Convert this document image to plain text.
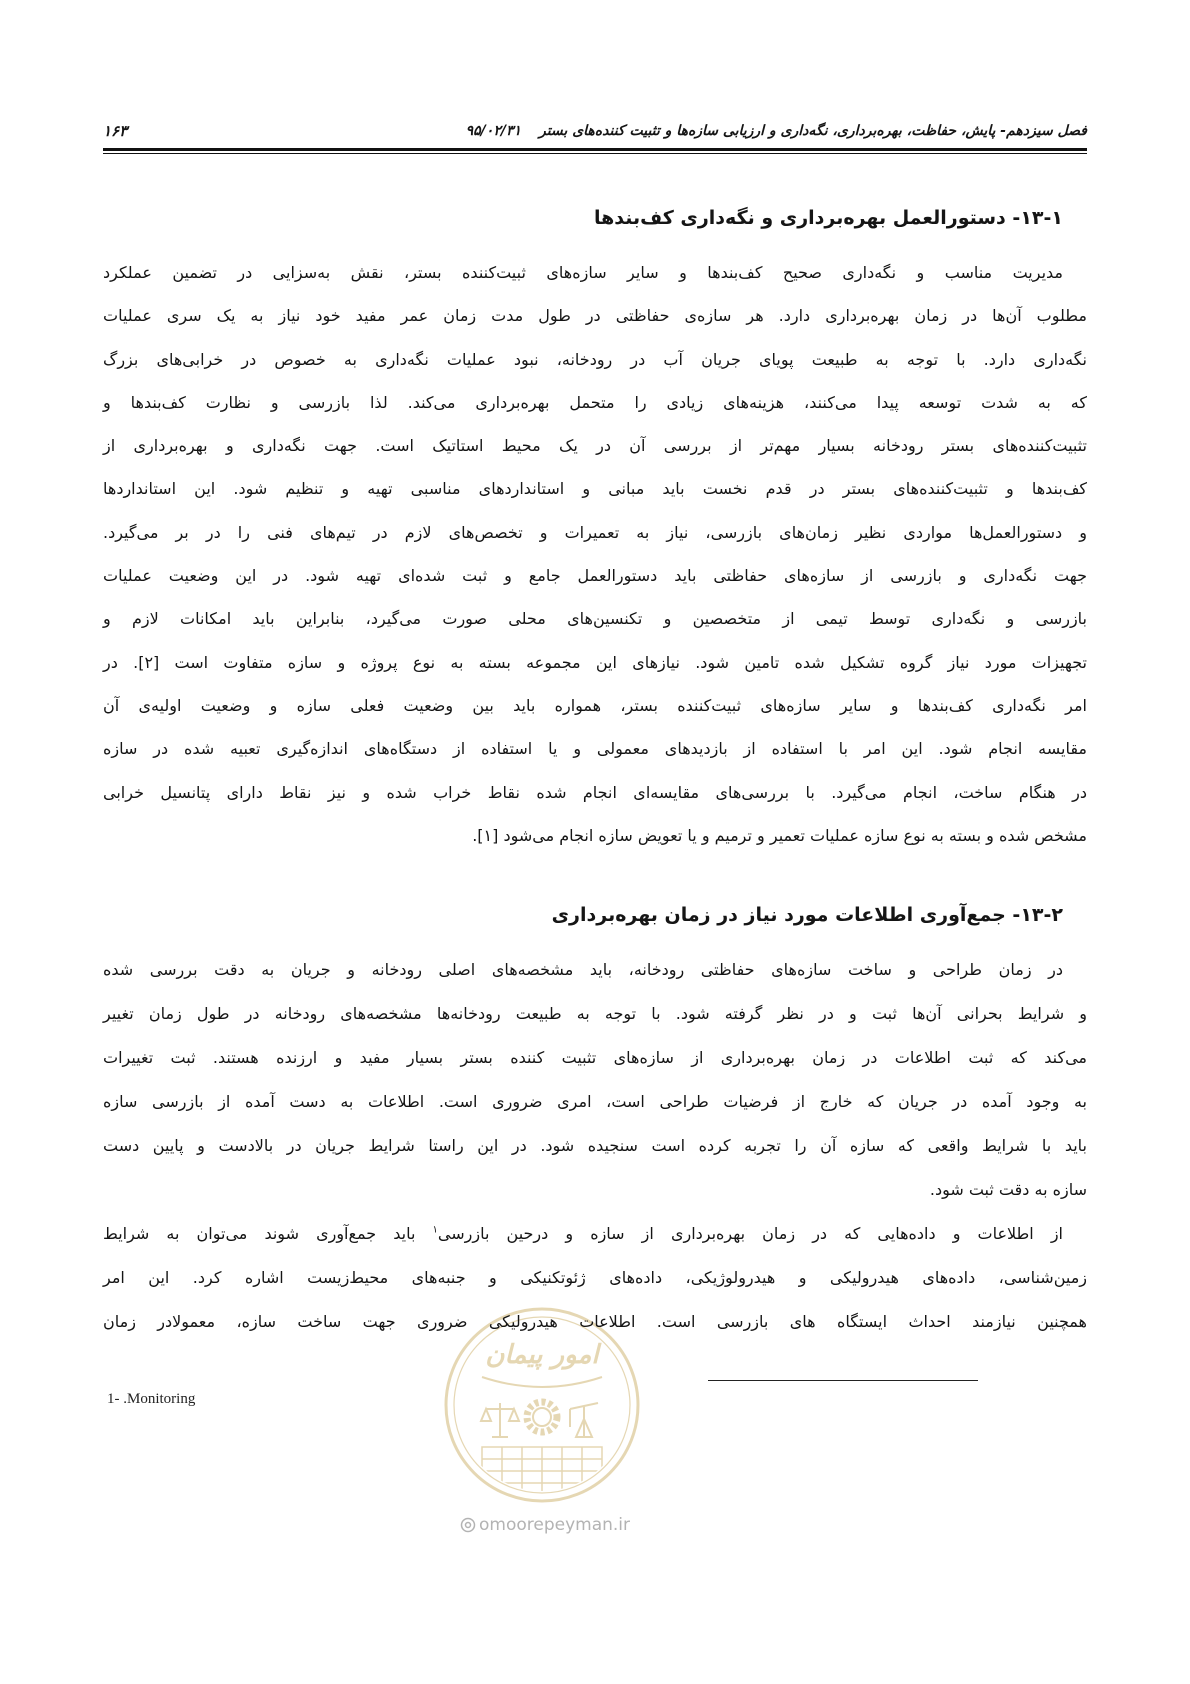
امور پیمان
omoorepeyman.ir
فصل سیزدهم- پایش، حفاظت، بهره‌برداری، نگه‌داری و ارزیابی سازه‌ها و تثبیت کننده‌های بستر
۹۵/۰۲/۳۱
۱۶۳
۱۳-۱- دستورالعمل بهره‌برداری و نگه‌داری کف‌بندها
مدیریت مناسب و نگه‌داری صحیح کف‌بندها و سایر سازه‌های ثبیت‌کننده بستر، نقش به‌سزایی در تضمین عملکرد
مطلوب آن‌ها در زمان بهره‌برداری دارد. هر سازه‌ی حفاظتی در طول مدت زمان عمر مفید خود نیاز به یک سری عملیات
نگه‌داری دارد. با توجه به طبیعت پویای جریان آب در رودخانه، نبود عملیات نگه‌داری به خصوص در خرابی‌های بزرگ
که به شدت توسعه پیدا می‌کنند، هزینه‌های زیادی را متحمل بهره‌برداری می‌کند. لذا بازرسی و نظارت کف‌بندها و
تثبیت‌کننده‌های بستر رودخانه بسیار مهم‌تر از بررسی آن در یک محیط استاتیک است. جهت نگه‌داری و بهره‌برداری از
کف‌بندها و تثبیت‌کننده‌های بستر در قدم نخست باید مبانی و استانداردهای مناسبی تهیه و تنظیم شود. این استانداردها
و دستورالعمل‌ها مواردی نظیر زمان‌های بازرسی، نیاز به تعمیرات و تخصص‌های لازم در تیم‌های فنی را در بر می‌گیرد.
جهت نگه‌داری و بازرسی از سازه‌های حفاظتی باید دستورالعمل جامع و ثبت شده‌ای تهیه شود. در این وضعیت عملیات
بازرسی و نگه‌داری توسط تیمی از متخصصین و تکنسین‌های محلی صورت می‌گیرد، بنابراین باید امکانات لازم و
تجهیزات مورد نیاز گروه تشکیل شده تامین شود. نیازهای این مجموعه بسته به نوع پروژه و سازه متفاوت است [۲]. در
امر نگه‌داری کف‌بندها و سایر سازه‌های ثبیت‌کننده بستر، همواره باید بین وضعیت فعلی سازه و وضعیت اولیه‌ی آن
مقایسه انجام شود. این امر با استفاده از بازدیدهای معمولی و یا استفاده از دستگاه‌های اندازه‌گیری تعبیه شده در سازه
در هنگام ساخت، انجام می‌گیرد. با بررسی‌های مقایسه‌ای انجام شده نقاط خراب شده و نیز نقاط دارای پتانسیل خرابی
مشخص شده و بسته به نوع سازه عملیات تعمیر و ترمیم و یا تعویض سازه انجام می‌شود [۱].
۱۳-۲- جمع‌آوری اطلاعات مورد نیاز در زمان بهره‌برداری
در زمان طراحی و ساخت سازه‌های حفاظتی رودخانه، باید مشخصه‌های اصلی رودخانه و جریان به دقت بررسی شده
و شرایط بحرانی آن‌ها ثبت و در نظر گرفته شود. با توجه به طبیعت رودخانه‌ها مشخصه‌های رودخانه در طول زمان تغییر
می‌کند که ثبت اطلاعات در زمان بهره‌برداری از سازه‌های تثبیت کننده بستر بسیار مفید و ارزنده هستند. ثبت تغییرات
به وجود آمده در جریان که خارج از فرضیات طراحی است، امری ضروری است. اطلاعات به دست آمده از بازرسی سازه
باید با شرایط واقعی که سازه آن را تجربه کرده است سنجیده شود. در این راستا شرایط جریان در بالادست و پایین دست
سازه به دقت ثبت شود.
از اطلاعات و داده‌هایی که در زمان بهره‌برداری از سازه و درحین بازرسی$^۱$ باید جمع‌آوری شوند می‌توان به شرایط
زمین‌شناسی، داده‌های هیدرولیکی و هیدرولوژیکی، داده‌های ژئوتکنیکی و جنبه‌های محیط‌زیست اشاره کرد. این امر
همچنین نیازمند احداث ایستگاه های بازرسی است. اطلاعات هیدرولیکی ضروری جهت ساخت سازه، معمولادر زمان
1- .Monitoring
